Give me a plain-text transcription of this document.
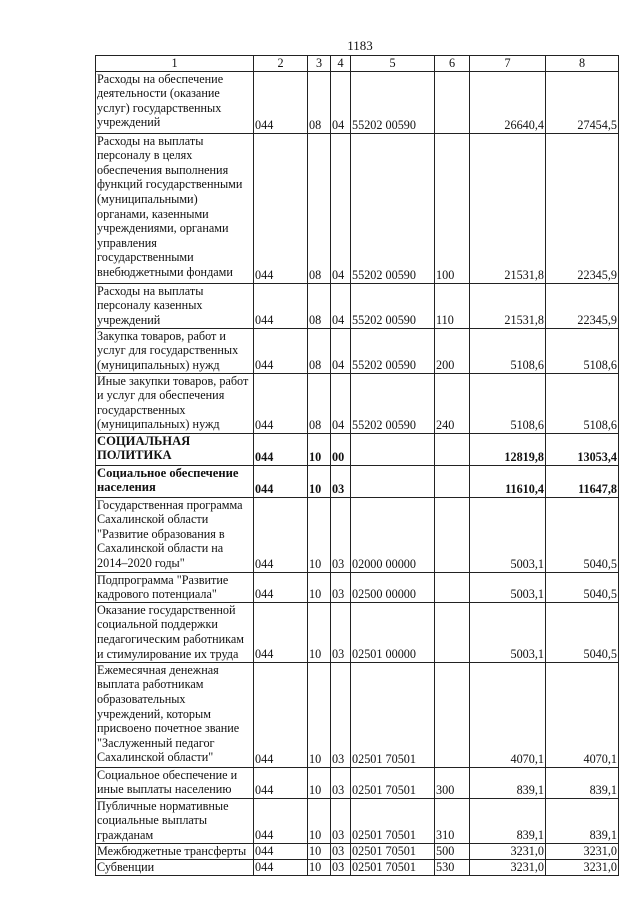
1183
1	2	3	4	5	6	7	8
Расходы на обеспечение деятельности (оказание услуг) государственных учреждений	044	08	04	55202 00590		26640,4	27454,5
Расходы на выплаты персоналу в целях обеспечения выполнения функций государственными (муниципальными) органами, казенными учреждениями, органами управления государственными внебюджетными фондами	044	08	04	55202 00590	100	21531,8	22345,9
Расходы на выплаты персоналу казенных учреждений	044	08	04	55202 00590	110	21531,8	22345,9
Закупка товаров, работ и услуг для государственных (муниципальных) нужд	044	08	04	55202 00590	200	5108,6	5108,6
Иные закупки товаров, работ и услуг для обеспечения государственных (муниципальных) нужд	044	08	04	55202 00590	240	5108,6	5108,6
СОЦИАЛЬНАЯ ПОЛИТИКА	044	10	00			12819,8	13053,4
Социальное обеспечение населения	044	10	03			11610,4	11647,8
Государственная программа Сахалинской области "Развитие образования в Сахалинской области на 2014–2020 годы"	044	10	03	02000 00000		5003,1	5040,5
Подпрограмма "Развитие кадрового потенциала"	044	10	03	02500 00000		5003,1	5040,5
Оказание государственной социальной поддержки педагогическим работникам и стимулирование их труда	044	10	03	02501 00000		5003,1	5040,5
Ежемесячная денежная выплата работникам образовательных учреждений, которым присвоено почетное звание "Заслуженный педагог Сахалинской области"	044	10	03	02501 70501		4070,1	4070,1
Социальное обеспечение и иные выплаты населению	044	10	03	02501 70501	300	839,1	839,1
Публичные нормативные социальные выплаты гражданам	044	10	03	02501 70501	310	839,1	839,1
Межбюджетные трансферты	044	10	03	02501 70501	500	3231,0	3231,0
Субвенции	044	10	03	02501 70501	530	3231,0	3231,0
